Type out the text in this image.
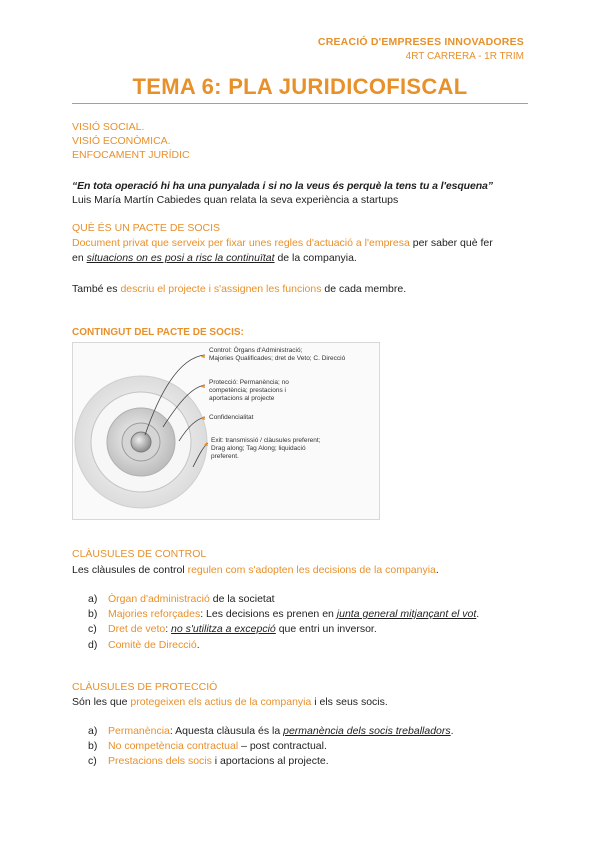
CREACIÓ D'EMPRESES INNOVADORES
4RT CARRERA - 1R TRIM
TEMA 6: PLA JURIDICOFISCAL
VISIÓ SOCIAL.
VISIÓ ECONÒMICA.
ENFOCAMENT JURÍDIC
“En tota operació hi ha una punyalada i si no la veus és perquè la tens tu a l'esquena”
Luis María Martín Cabiedes quan relata la seva experiència a startups
QUÈ ÉS UN PACTE DE SOCIS
Document privat que serveix per fixar unes regles d'actuació a l'empresa per saber què fer
en situacions on es posi a risc la continuïtat de la companyia.
També es descriu el projecte i s'assignen les funcions de cada membre.
CONTINGUT DEL PACTE DE SOCIS:
Control: Òrgans d'Administració;
Majories Qualificades; dret de Veto; C. Direcció
Protecció: Permanència; no
competència; prestacions i
aportacions al projecte
Confidencialitat
Exit: transmissió / clàusules preferent;
Drag along; Tag Along; liquidació
preferent.
CLÀUSULES DE CONTROL
Les clàusules de control regulen com s'adopten les decisions de la companyia.
a) Òrgan d'administració de la societat
b) Majories reforçades: Les decisions es prenen en junta general mitjançant el vot.
c) Dret de veto: no s'utilitza a excepció que entri un inversor.
d) Comitè de Direcció.
CLÀUSULES DE PROTECCIÓ
Són les que protegeixen els actius de la companyia i els seus socis.
a) Permanència: Aquesta clàusula és la permanència dels socis treballadors.
b) No competència contractual – post contractual.
c) Prestacions dels socis i aportacions al projecte.
